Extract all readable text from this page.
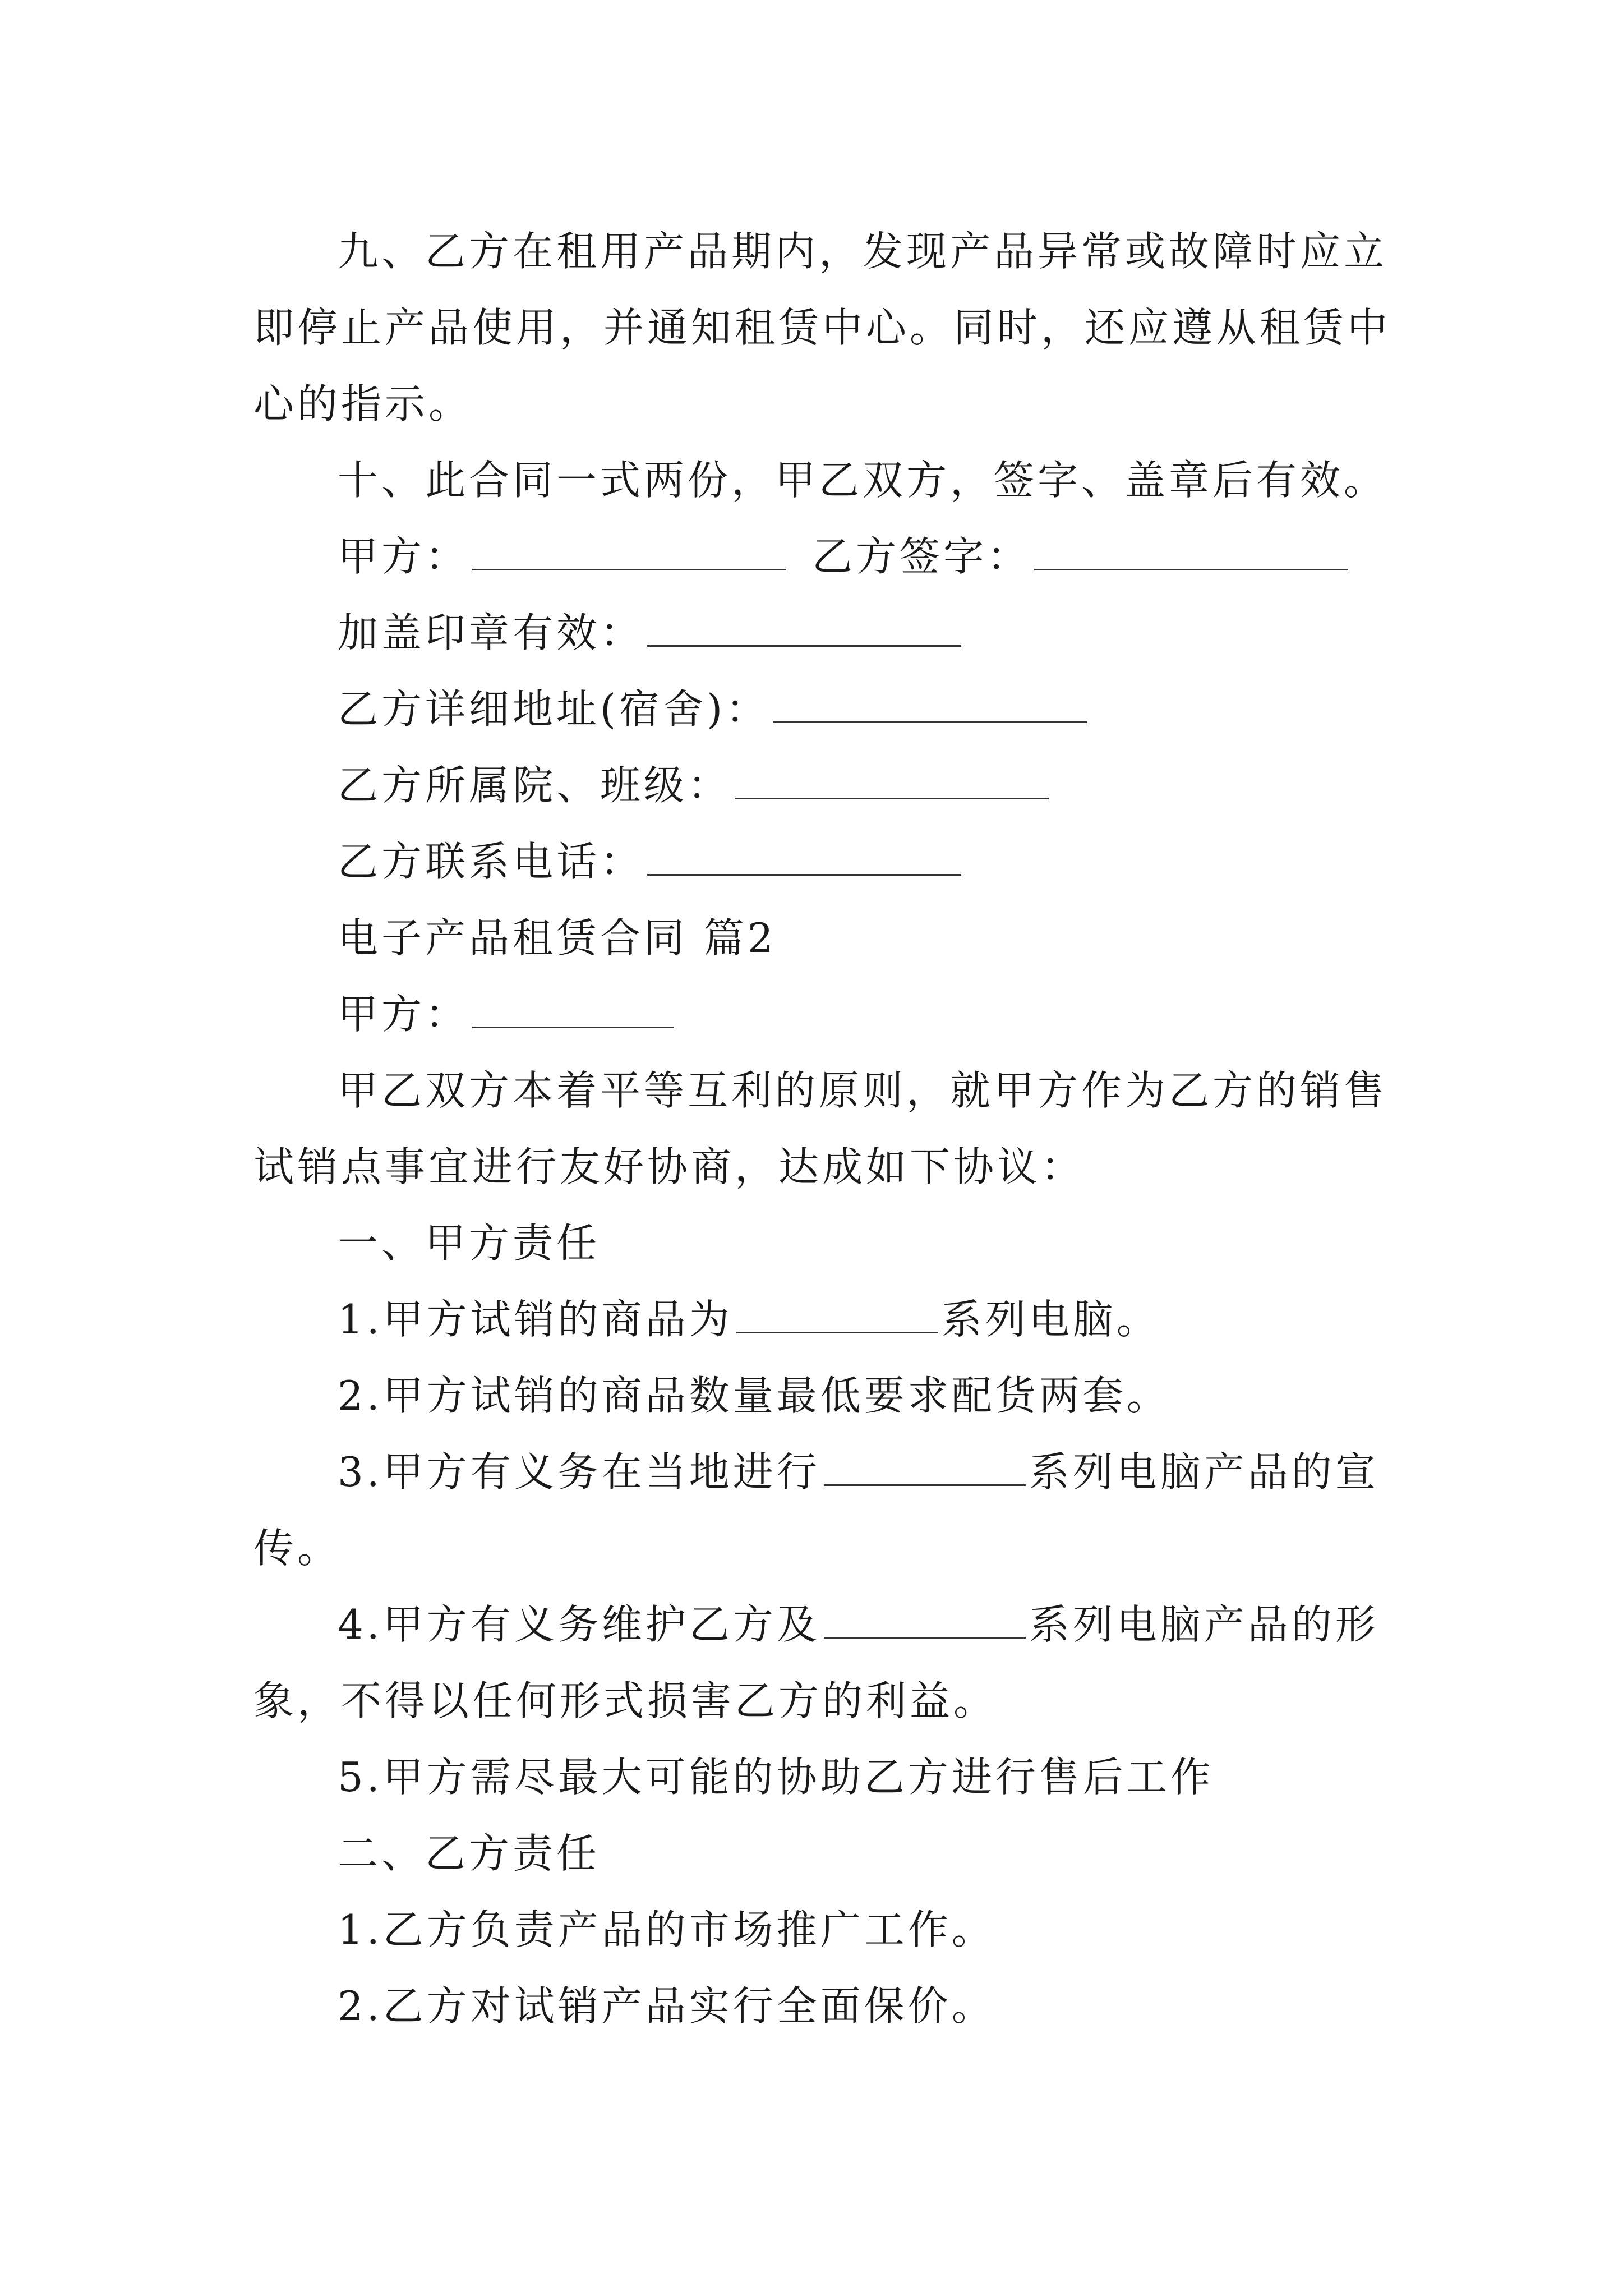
九、乙方在租用产品期内，发现产品异常或故障时应立
即停止产品使用，并通知租赁中心。同时，还应遵从租赁中
心的指示。
十、此合同一式两份，甲乙双方，签字、盖章后有效。
甲方：	乙方签字：
加盖印章有效：
乙方详细地址(宿舍)：
乙方所属院、班级：
乙方联系电话：
电子产品租赁合同 篇2
甲方：
甲乙双方本着平等互利的原则，就甲方作为乙方的销售
试销点事宜进行友好协商，达成如下协议：
一、甲方责任
1.甲方试销的商品为	系列电脑。
2.甲方试销的商品数量最低要求配货两套。
3.甲方有义务在当地进行	系列电脑产品的宣
传。
4.甲方有义务维护乙方及	系列电脑产品的形
象，不得以任何形式损害乙方的利益。
5.甲方需尽最大可能的协助乙方进行售后工作
二、乙方责任
1.乙方负责产品的市场推广工作。
2.乙方对试销产品实行全面保价。
